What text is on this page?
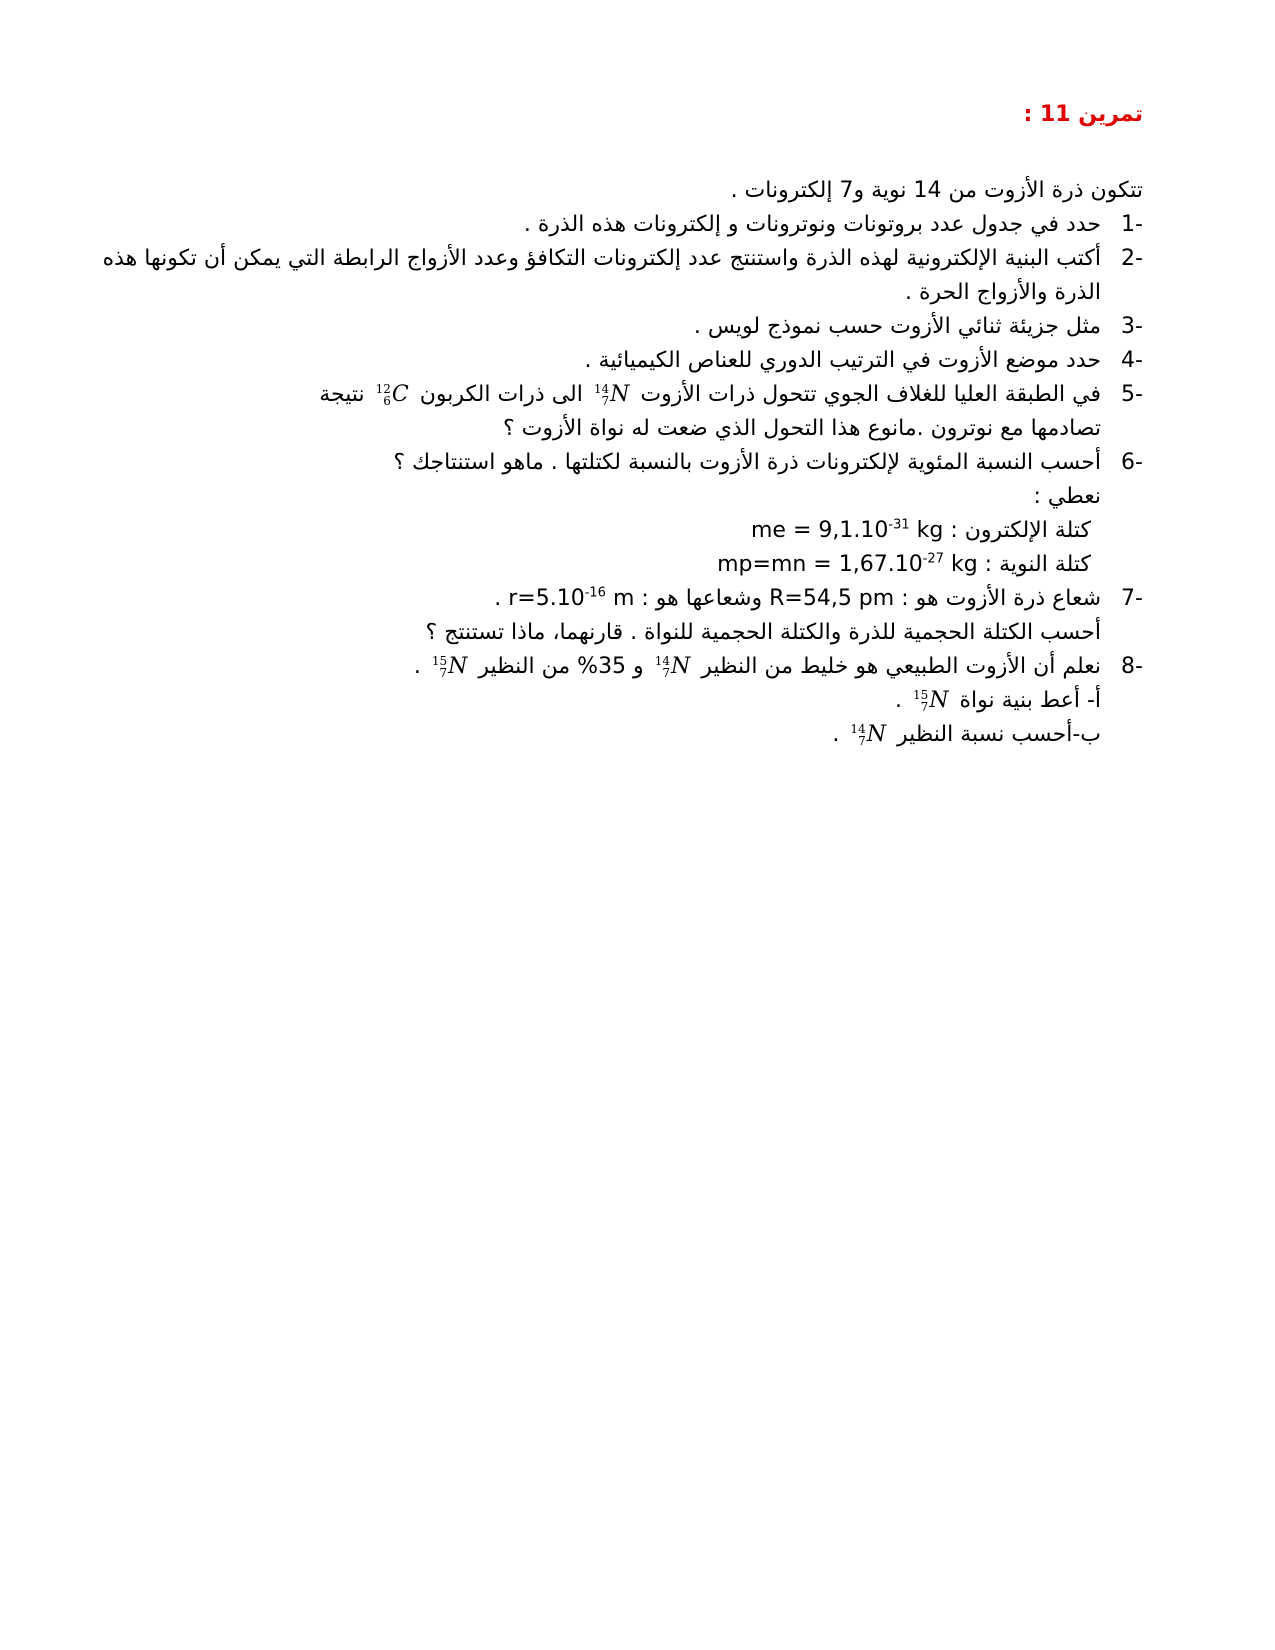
تمرين 11 :
تتكون ذرة الأزوت من 14 نوية و7 إلكترونات .
-1
حدد في جدول عدد بروتونات ونوترونات و إلكترونات هذه الذرة .
-2
أكتب البنية الإلكترونية لهذه الذرة واستنتج عدد إلكترونات التكافؤ وعدد الأزواج الرابطة التي يمكن أن تكونها هذه الذرة والأزواج الحرة .
-3
مثل جزيئة ثنائي الأزوت حسب نموذج لويس .
-4
حدد موضع الأزوت في الترتيب الدوري للعناص الكيميائية .
-5
في الطبقة العليا للغلاف الجوي تتحول ذرات الأزوت
14
7 N الى ذرات الكربون
12
6 C نتيجة
تصادمها مع نوترون .مانوع هذا التحول الذي ضعت له نواة الأزوت ؟
-6
أحسب النسبة المئوية لإلكترونات ذرة الأزوت بالنسبة لكتلتها . ماهو استنتاجك ؟
نعطي :
كتلة الإلكترون : me = $9,1.10^{-31}$ kg
كتلة النوية : $mp=mn = 1,67.10^{-27}$ kg
-7
شعاع ذرة الأزوت هو : R=54,5 pm وشعاعها هو : $r=5.10^{-16}$ m .
أحسب الكتلة الحجمية للذرة والكتلة الحجمية للنواة . قارنهما، ماذا تستنتج ؟
-8
نعلم أن الأزوت الطبيعي هو خليط من النظير
14
7 N و 35% من النظير
15
7 N .
أ- أعط بنية نواة
15
7 N .
ب-أحسب نسبة النظير
14
7 N .
